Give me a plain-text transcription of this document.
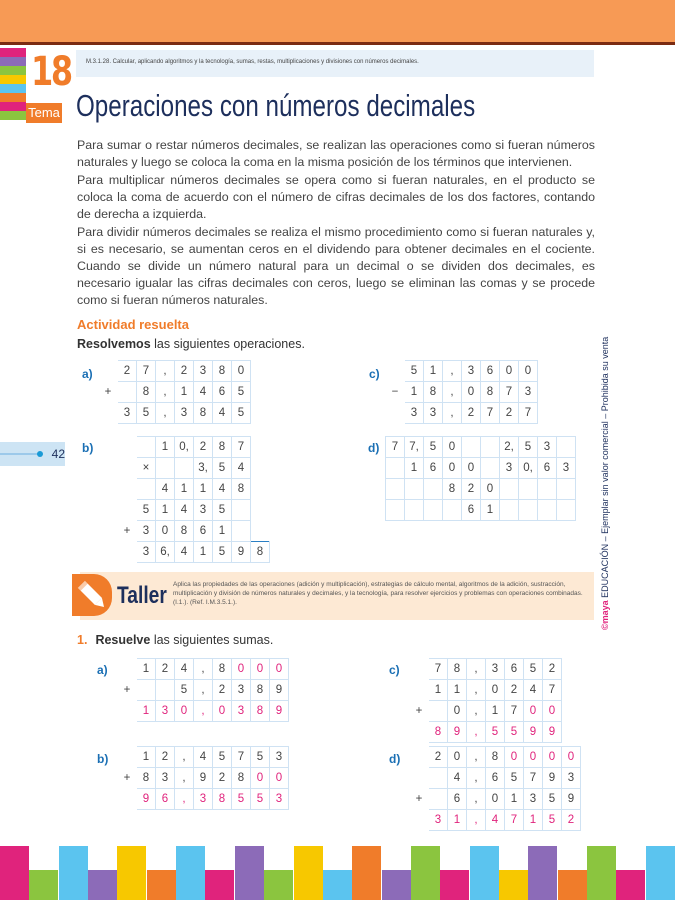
18
Tema
M.3.1.28. Calcular, aplicando algoritmos y la tecnología, sumas, restas, multiplicaciones y divisiones con números decimales.
Operaciones con números decimales

Para sumar o restar números decimales, se realizan las operaciones como si fueran números naturales y luego se coloca la coma en la misma posición de los términos que intervienen.

Para multiplicar números decimales se opera como si fueran naturales, en el producto se coloca la coma de acuerdo con el número de cifras decimales de los dos factores, contando de derecha a izquierda.

Para dividir números decimales se realiza el mismo procedimiento como si fueran naturales y, si es necesario, se aumentan ceros en el dividendo para obtener decimales en el cociente. Cuando se divide un número natural para un decimal o se dividen dos decimales, es necesario igualar las cifras decimales con ceros, luego se eliminan las comas y se procede como si fueran números naturales.

Actividad resuelta
Resolvemos las siguientes operaciones.
42
©maya EDUCACIÓN – Ejemplar sin valor comercial – Prohibida su venta
a)
		2	7	,	2	3	8	0
+		8	,	1	4	6	5
	3	5	,	3	8	4	5
c)
		5	1	,	3	6	0	0
−	1	8	,	0	8	7	3
	3	3	,	2	7	2	7
b)
			1	0,	2	8	7	
	×			3,	5	4	
		4	1	1	4	8	
	5	1	4	3	5		
+	3	0	8	6	1		
	3	6,	4	1	5	9	8
d) 7	7,	5	0			2,	5	3	
	1	6	0	0		3	0,	6	3
			8	2	0				
				6	1				
Taller Aplica las propiedades de las operaciones (adición y multiplicación), estrategias de cálculo mental, algoritmos de la adición, sustracción, multiplicación y división de números naturales y decimales, y la tecnología, para resolver ejercicios y problemas con operaciones combinadas. (I.1.). (Ref. I.M.3.5.1.).
1. Resuelve las siguientes sumas.
a)
		1	2	4	,	8	0	0	0
+			5	,	2	3	8	9
	1	3	0	,	0	3	8	9
c)
		7	8	,	3	6	5	2
	1	1	,	0	2	4	7
+		0	,	1	7	0	0
	8	9	,	5	5	9	9
b)
		1	2	,	4	5	7	5	3
+	8	3	,	9	2	8	0	0
	9	6	,	3	8	5	5	3
d)
		2	0	,	8	0	0	0	0
		4	,	6	5	7	9	3
+		6	,	0	1	3	5	9
	3	1	,	4	7	1	5	2
